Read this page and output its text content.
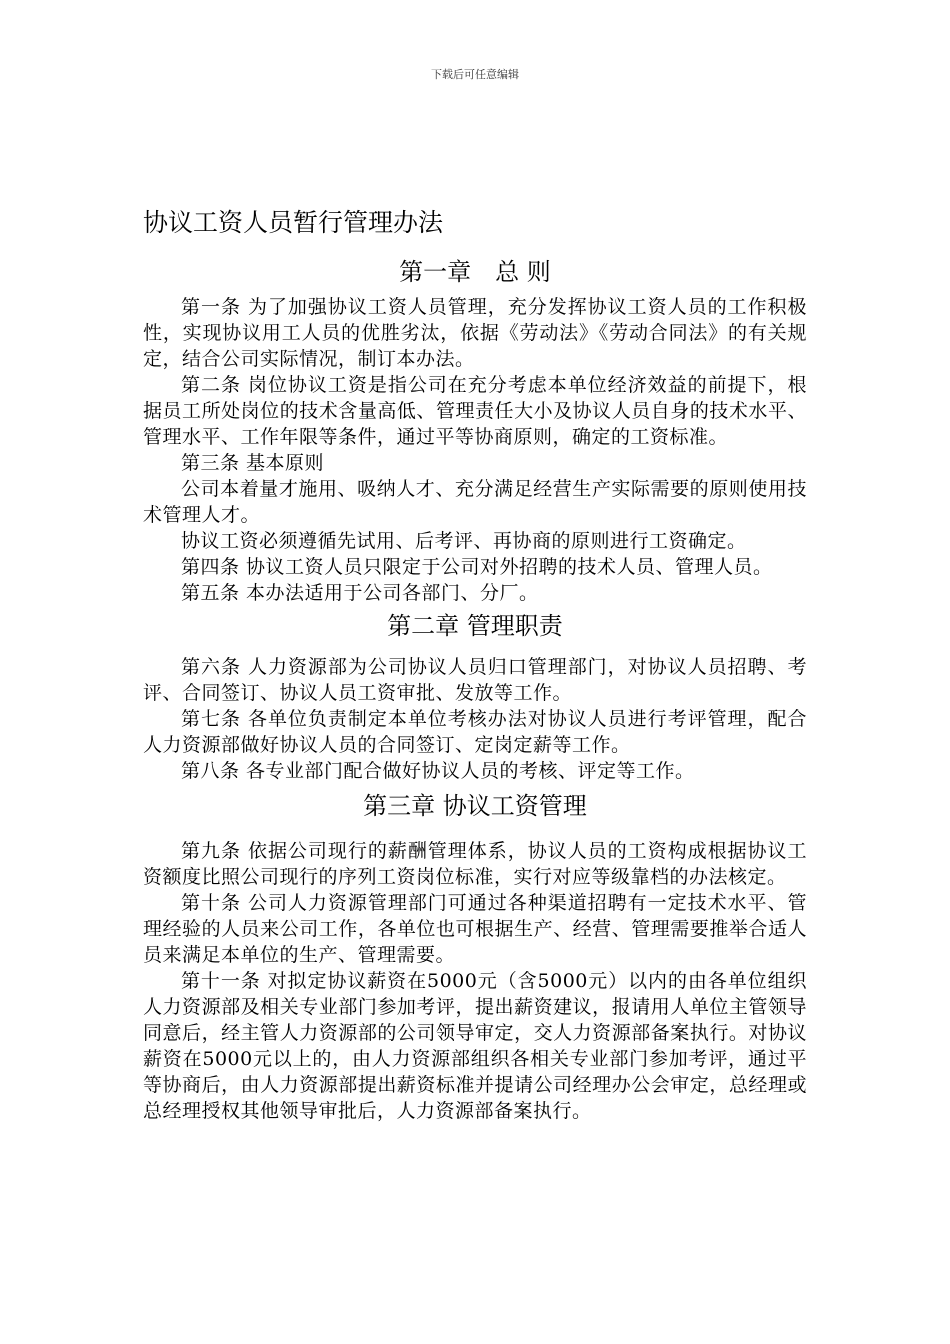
下载后可任意编辑
协议工资人员暂行管理办法
第一章　总 则

第一条 为了加强协议工资人员管理，充分发挥协议工资人员的工作积极性，实现协议用工人员的优胜劣汰，依据《劳动法》《劳动合同法》的有关规定，结合公司实际情况，制订本办法。

第二条 岗位协议工资是指公司在充分考虑本单位经济效益的前提下，根据员工所处岗位的技术含量高低、管理责任大小及协议人员自身的技术水平、管理水平、工作年限等条件，通过平等协商原则，确定的工资标准。

第三条 基本原则

公司本着量才施用、吸纳人才、充分满足经营生产实际需要的原则使用技术管理人才。

协议工资必须遵循先试用、后考评、再协商的原则进行工资确定。

第四条 协议工资人员只限定于公司对外招聘的技术人员、管理人员。

第五条 本办法适用于公司各部门、分厂。

第二章 管理职责

第六条 人力资源部为公司协议人员归口管理部门，对协议人员招聘、考评、合同签订、协议人员工资审批、发放等工作。

第七条 各单位负责制定本单位考核办法对协议人员进行考评管理，配合人力资源部做好协议人员的合同签订、定岗定薪等工作。

第八条 各专业部门配合做好协议人员的考核、评定等工作。

第三章 协议工资管理

第九条 依据公司现行的薪酬管理体系，协议人员的工资构成根据协议工资额度比照公司现行的序列工资岗位标准，实行对应等级靠档的办法核定。

第十条 公司人力资源管理部门可通过各种渠道招聘有一定技术水平、管理经验的人员来公司工作，各单位也可根据生产、经营、管理需要推举合适人员来满足本单位的生产、管理需要。

第十一条 对拟定协议薪资在5000元（含5000元）以内的由各单位组织人力资源部及相关专业部门参加考评，提出薪资建议，报请用人单位主管领导同意后，经主管人力资源部的公司领导审定，交人力资源部备案执行。对协议薪资在5000元以上的，由人力资源部组织各相关专业部门参加考评，通过平等协商后，由人力资源部提出薪资标准并提请公司经理办公会审定，总经理或总经理授权其他领导审批后，人力资源部备案执行。
